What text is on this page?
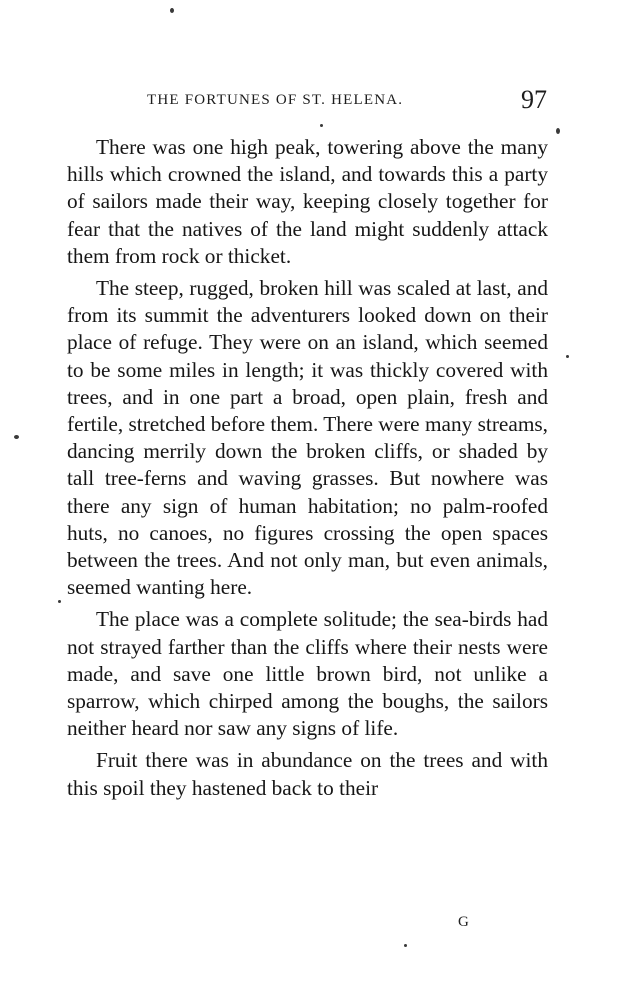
THE FORTUNES OF ST. HELENA.	97

There was one high peak, towering above the many hills which crowned the island, and towards this a party of sailors made their way, keeping closely together for fear that the natives of the land might suddenly attack them from rock or thicket.

The steep, rugged, broken hill was scaled at last, and from its summit the adventurers looked down on their place of refuge. They were on an island, which seemed to be some miles in length; it was thickly covered with trees, and in one part a broad, open plain, fresh and fertile, stretched before them. There were many streams, dancing merrily down the broken cliffs, or shaded by tall tree-ferns and waving grasses. But nowhere was there any sign of human habitation; no palm-roofed huts, no canoes, no figures crossing the open spaces between the trees. And not only man, but even animals, seemed wanting here.

The place was a complete solitude; the sea-birds had not strayed farther than the cliffs where their nests were made, and save one little brown bird, not unlike a sparrow, which chirped among the boughs, the sailors neither heard nor saw any signs of life.

Fruit there was in abundance on the trees and with this spoil they hastened back to their

G
